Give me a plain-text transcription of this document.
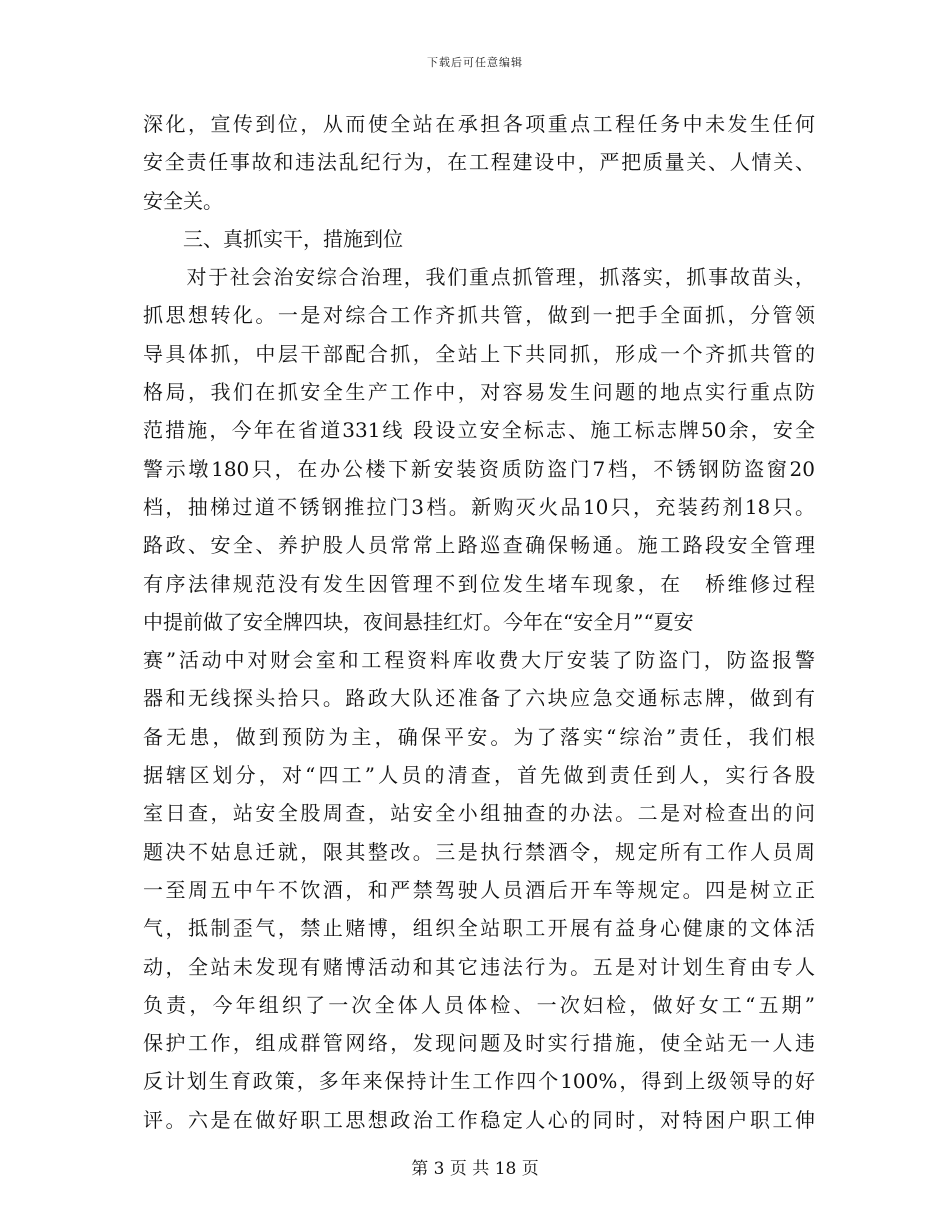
下载后可任意编辑
深化，宣传到位，从而使全站在承担各项重点工程任务中未发生任何
安全责任事故和违法乱纪行为，在工程建设中，严把质量关、人情关、
安全关。
　　三、真抓实干，措施到位
　　对于社会治安综合治理，我们重点抓管理，抓落实，抓事故苗头，
抓思想转化。一是对综合工作齐抓共管，做到一把手全面抓，分管领
导具体抓，中层干部配合抓，全站上下共同抓，形成一个齐抓共管的
格局，我们在抓安全生产工作中，对容易发生问题的地点实行重点防
范措施，今年在省道331线 段设立安全标志、施工标志牌50余，安全
警示墩180只，在办公楼下新安装资质防盗门7档，不锈钢防盗窗20
档，抽梯过道不锈钢推拉门3档。新购灭火品10只，充装药剂18只。
路政、安全、养护股人员常常上路巡查确保畅通。施工路段安全管理
有序法律规范没有发生因管理不到位发生堵车现象，在　桥维修过程
中提前做了安全牌四块，夜间悬挂红灯。今年在“安全月”“夏安
赛”活动中对财会室和工程资料库收费大厅安装了防盗门，防盗报警
器和无线探头拾只。路政大队还准备了六块应急交通标志牌，做到有
备无患，做到预防为主，确保平安。为了落实“综治”责任，我们根
据辖区划分，对“四工”人员的清查，首先做到责任到人，实行各股
室日查，站安全股周查，站安全小组抽查的办法。二是对检查出的问
题决不姑息迁就，限其整改。三是执行禁酒令，规定所有工作人员周
一至周五中午不饮酒，和严禁驾驶人员酒后开车等规定。四是树立正
气，抵制歪气，禁止赌博，组织全站职工开展有益身心健康的文体活
动，全站未发现有赌博活动和其它违法行为。五是对计划生育由专人
负责，今年组织了一次全体人员体检、一次妇检，做好女工“五期”
保护工作，组成群管网络，发现问题及时实行措施，使全站无一人违
反计划生育政策，多年来保持计生工作四个100%，得到上级领导的好
评。六是在做好职工思想政治工作稳定人心的同时，对特困户职工伸
第 3 页 共 18 页
